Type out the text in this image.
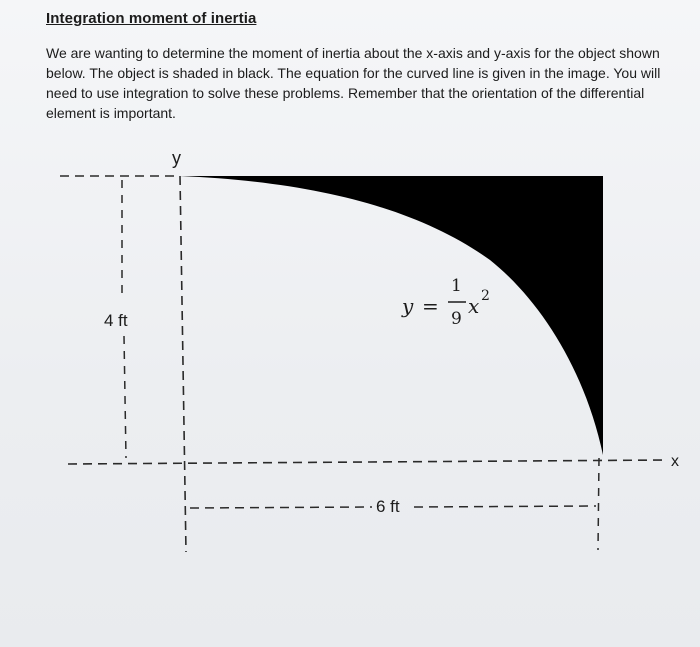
Integration moment of inertia
We are wanting to determine the moment of inertia about the x-axis and y-axis for the object shown
below. The object is shaded in black. The equation for the curved line is given in the image. You will
need to use integration to solve these problems. Remember that the orientation of the differential
element is important.
4 ft
y
x
6 ft
y =
1
9
x 2
